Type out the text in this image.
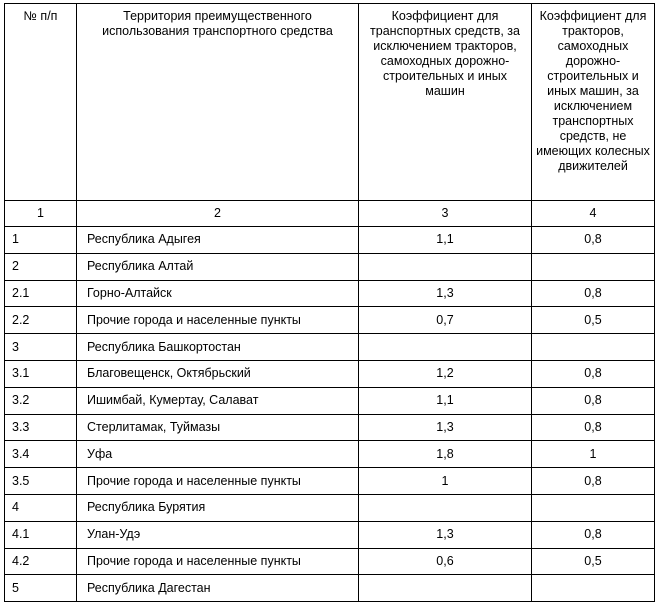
№ п/п	Территория преимущественного использования транспортного средства	Коэффициент для транспортных средств, за исключением тракторов, самоходных дорожно-строительных и иных машин	Коэффициент для тракторов, самоходных дорожно-строительных и иных машин, за исключением транспортных средств, не имеющих колесных движителей
1	2	3	4
1	Республика Адыгея	1,1	0,8
2	Республика Алтай		
2.1	Горно-Алтайск	1,3	0,8
2.2	Прочие города и населенные пункты	0,7	0,5
3	Республика Башкортостан		
3.1	Благовещенск, Октябрьский	1,2	0,8
3.2	Ишимбай, Кумертау, Салават	1,1	0,8
3.3	Стерлитамак, Туймазы	1,3	0,8
3.4	Уфа	1,8	1
3.5	Прочие города и населенные пункты	1	0,8
4	Республика Бурятия		
4.1	Улан-Удэ	1,3	0,8
4.2	Прочие города и населенные пункты	0,6	0,5
5	Республика Дагестан		
